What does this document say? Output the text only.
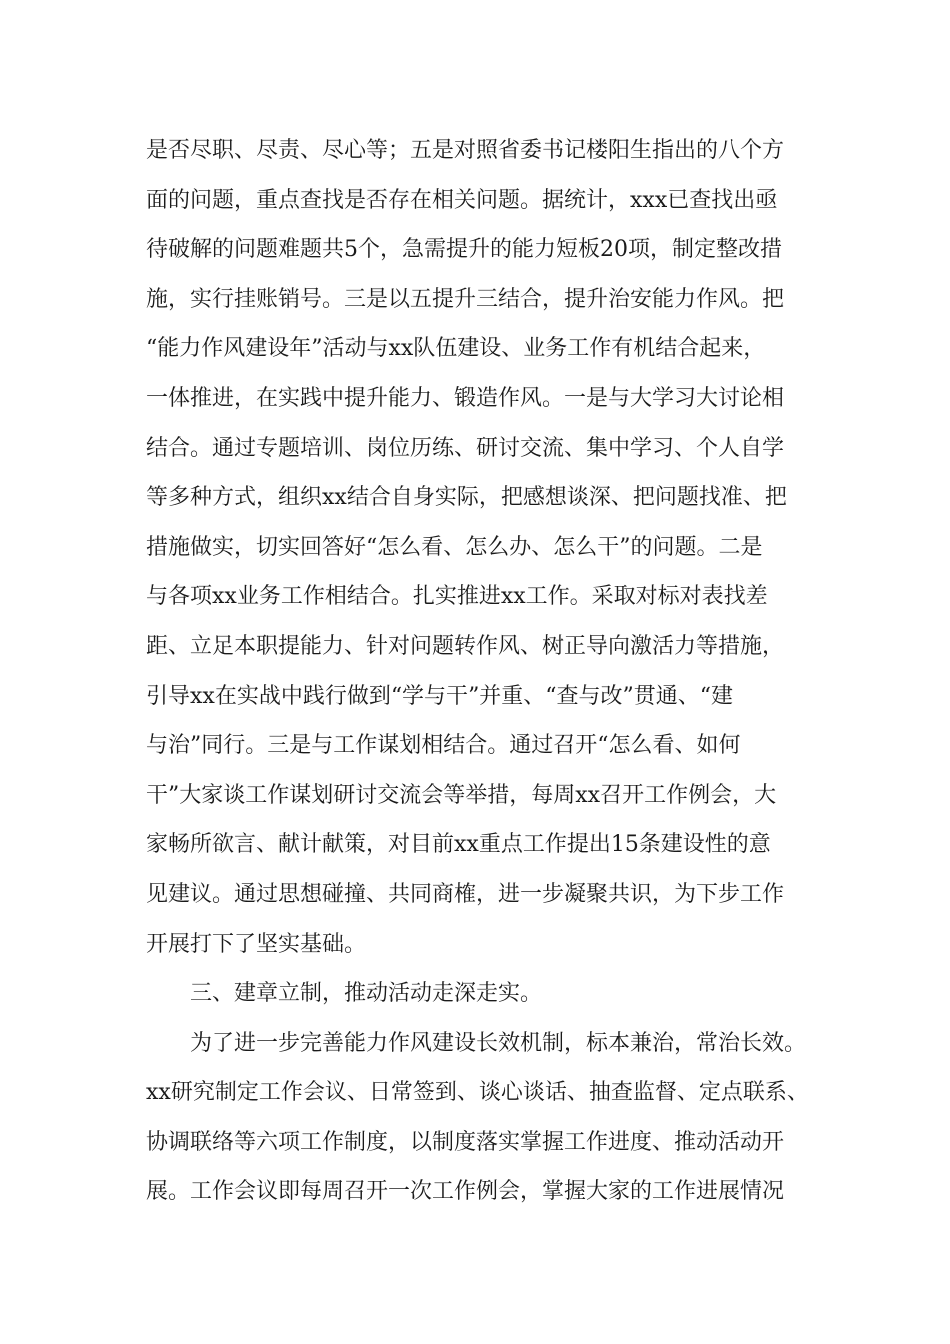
是否尽职、尽责、尽心等；五是对照省委书记楼阳生指出的八个方
面的问题，重点查找是否存在相关问题。据统计，xxx已查找出亟
待破解的问题难题共5个，急需提升的能力短板20项，制定整改措
施，实行挂账销号。三是以五提升三结合，提升治安能力作风。把
“能力作风建设年”活动与xx队伍建设、业务工作有机结合起来，
一体推进，在实践中提升能力、锻造作风。一是与大学习大讨论相
结合。通过专题培训、岗位历练、研讨交流、集中学习、个人自学
等多种方式，组织xx结合自身实际，把感想谈深、把问题找准、把
措施做实，切实回答好“怎么看、怎么办、怎么干”的问题。二是
与各项xx业务工作相结合。扎实推进xx工作。采取对标对表找差
距、立足本职提能力、针对问题转作风、树正导向激活力等措施，
引导xx在实战中践行做到“学与干”并重、“查与改”贯通、“建
与治”同行。三是与工作谋划相结合。通过召开“怎么看、如何
干”大家谈工作谋划研讨交流会等举措，每周xx召开工作例会，大
家畅所欲言、献计献策，对目前xx重点工作提出15条建设性的意
见建议。通过思想碰撞、共同商榷，进一步凝聚共识，为下步工作
开展打下了坚实基础。
三、建章立制，推动活动走深走实。
为了进一步完善能力作风建设长效机制，标本兼治，常治长效。
xx研究制定工作会议、日常签到、谈心谈话、抽查监督、定点联系、
协调联络等六项工作制度，以制度落实掌握工作进度、推动活动开
展。工作会议即每周召开一次工作例会，掌握大家的工作进展情况
